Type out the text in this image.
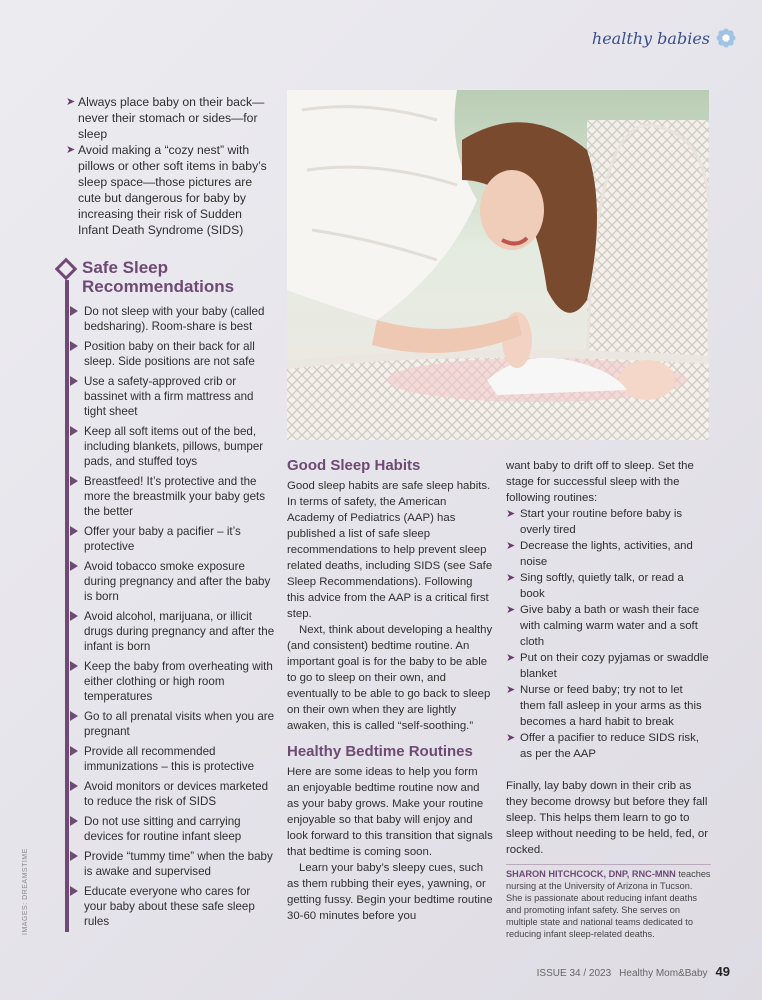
healthy babies
➤ Always place baby on their back—never their stomach or sides—for sleep
➤ Avoid making a “cozy nest” with pillows or other soft items in baby’s sleep space—those pictures are cute but dangerous for baby by increasing their risk of Sudden Infant Death Syndrome (SIDS)
Safe Sleep Recommendations
Do not sleep with your baby (called bedsharing). Room-share is best
Position baby on their back for all sleep. Side positions are not safe
Use a safety-approved crib or bassinet with a firm mattress and tight sheet
Keep all soft items out of the bed, including blankets, pillows, bumper pads, and stuffed toys
Breastfeed! It’s protective and the more the breastmilk your baby gets the better
Offer your baby a pacifier – it’s protective
Avoid tobacco smoke exposure during pregnancy and after the baby is born
Avoid alcohol, marijuana, or illicit drugs during pregnancy and after the infant is born
Keep the baby from overheating with either clothing or high room temperatures
Go to all prenatal visits when you are pregnant
Provide all recommended immunizations – this is protective
Avoid monitors or devices marketed to reduce the risk of SIDS
Do not use sitting and carrying devices for routine infant sleep
Provide “tummy time” when the baby is awake and supervised
Educate everyone who cares for your baby about these safe sleep rules
Good Sleep Habits

Good sleep habits are safe sleep habits. In terms of safety, the American Academy of Pediatrics (AAP) has published a list of safe sleep recommendations to help prevent sleep related deaths, including SIDS (see Safe Sleep Recommendations). Following this advice from the AAP is a critical first step.

Next, think about developing a healthy (and consistent) bedtime routine. An important goal is for the baby to be able to go to sleep on their own, and eventually to be able to go back to sleep on their own when they are lightly awaken, this is called “self-soothing.”

Healthy Bedtime Routines

Here are some ideas to help you form an enjoyable bedtime routine now and as your baby grows. Make your routine enjoyable so that baby will enjoy and look forward to this transition that signals that bedtime is coming soon.

Learn your baby’s sleepy cues, such as them rubbing their eyes, yawning, or getting fussy. Begin your bedtime routine 30-60 minutes before you

want baby to drift off to sleep. Set the stage for successful sleep with the following routines:

➤ Start your routine before baby is overly tired
➤ Decrease the lights, activities, and noise
➤ Sing softly, quietly talk, or read a book
➤ Give baby a bath or wash their face with calming warm water and a soft cloth
➤ Put on their cozy pyjamas or swaddle blanket
➤ Nurse or feed baby; try not to let them fall asleep in your arms as this becomes a hard habit to break
➤ Offer a pacifier to reduce SIDS risk, as per the AAP

Finally, lay baby down in their crib as they become drowsy but before they fall sleep. This helps them learn to go to sleep without needing to be held, fed, or rocked.

SHARON HITCHCOCK, DNP, RNC-MNN teaches nursing at the University of Arizona in Tucson. She is passionate about reducing infant deaths and promoting infant safety. She serves on multiple state and national teams dedicated to reducing infant sleep-related deaths.
IMAGES: DREAMSTIME
ISSUE 34 / 2023 Healthy Mom&Baby 49
